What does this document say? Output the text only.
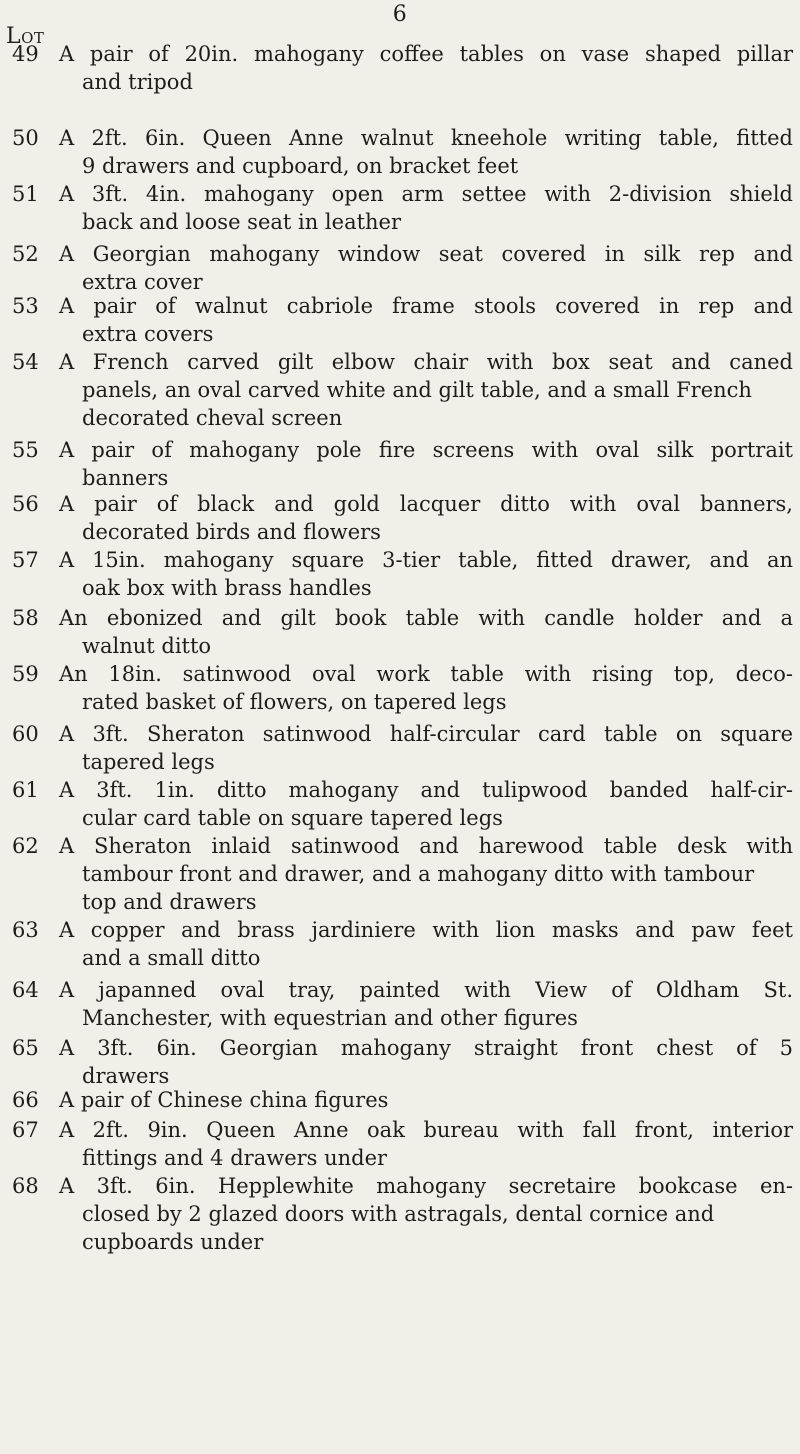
6
Lot
49 A pair of 20in. mahogany coffee tables on vase shaped pillar
and tripod
50 A 2ft. 6in. Queen Anne walnut kneehole writing table, fitted
9 drawers and cupboard, on bracket feet
51 A 3ft. 4in. mahogany open arm settee with 2-division shield
back and loose seat in leather
52 A Georgian mahogany window seat covered in silk rep and
extra cover
53 A pair of walnut cabriole frame stools covered in rep and
extra covers
54 A French carved gilt elbow chair with box seat and caned
panels, an oval carved white and gilt table, and a small French decorated cheval screen
55 A pair of mahogany pole fire screens with oval silk portrait
banners
56 A pair of black and gold lacquer ditto with oval banners,
decorated birds and flowers
57 A 15in. mahogany square 3-tier table, fitted drawer, and an
oak box with brass handles
58 An ebonized and gilt book table with candle holder and a
walnut ditto
59 An 18in. satinwood oval work table with rising top, deco-
rated basket of flowers, on tapered legs
60 A 3ft. Sheraton satinwood half-circular card table on square
tapered legs
61 A 3ft. 1in. ditto mahogany and tulipwood banded half-cir-
cular card table on square tapered legs
62 A Sheraton inlaid satinwood and harewood table desk with
tambour front and drawer, and a mahogany ditto with tambour top and drawers
63 A copper and brass jardiniere with lion masks and paw feet
and a small ditto
64 A japanned oval tray, painted with View of Oldham St.
Manchester, with equestrian and other figures
65 A 3ft. 6in. Georgian mahogany straight front chest of 5
drawers
66 A pair of Chinese china figures
67 A 2ft. 9in. Queen Anne oak bureau with fall front, interior
fittings and 4 drawers under
68 A 3ft. 6in. Hepplewhite mahogany secretaire bookcase en-
closed by 2 glazed doors with astragals, dental cornice and cupboards under
